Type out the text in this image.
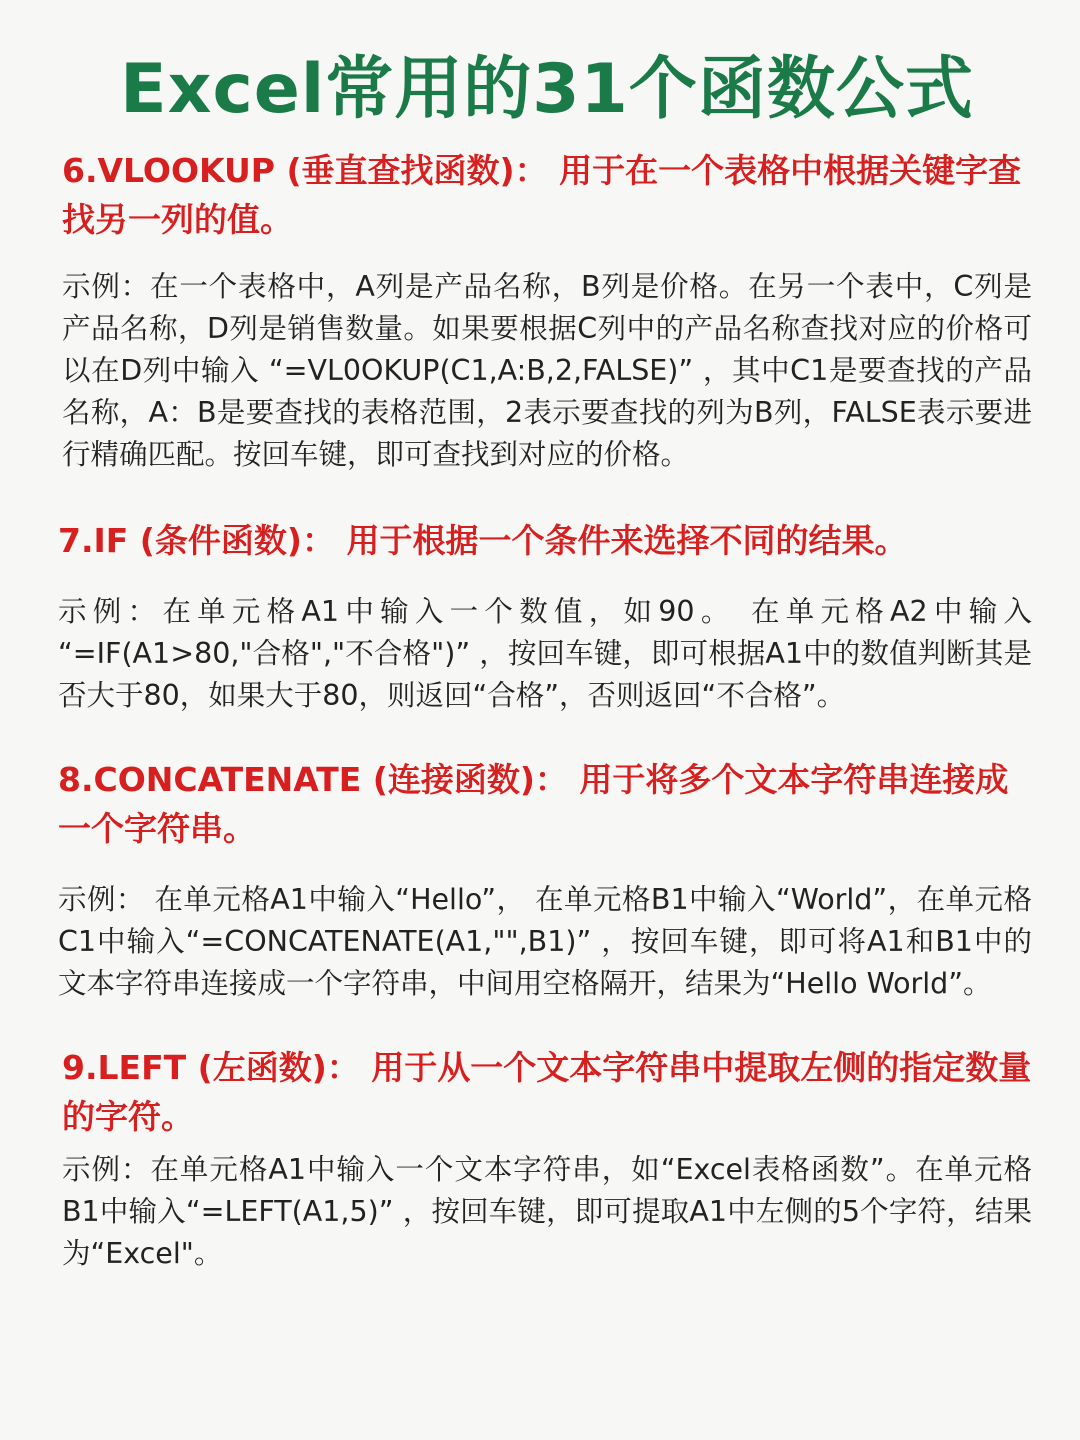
Excel常用的31个函数公式
6.VLOOKUP (垂直查找函数)： 用于在一个表格中根据关键字查找另一列的值。

示例：在一个表格中，A列是产品名称，B列是价格。在另一个表中，C列是产品名称，D列是销售数量。如果要根据C列中的产品名称查找对应的价格可以在D列中输入 “=VL0OKUP(C1,A:B,2,FALSE)” ，其中C1是要查找的产品名称，A：B是要查找的表格范围，2表示要查找的列为B列，FALSE表示要进行精确匹配。按回车键，即可查找到对应的价格。

7.IF (条件函数)： 用于根据一个条件来选择不同的结果。

示例：在单元格A1中输入一个数值，如90。 在单元格A2中输入 “=IF(A1>80,"合格","不合格")” ，按回车键，即可根据A1中的数值判断其是否大于80，如果大于80，则返回“合格”，否则返回“不合格”。

8.CONCATENATE (连接函数)： 用于将多个文本字符串连接成一个字符串。

示例： 在单元格A1中输入“Hello”， 在单元格B1中输入“World”，在单元格C1中输入“=CONCATENATE(A1,"",B1)” ，按回车键，即可将A1和B1中的文本字符串连接成一个字符串，中间用空格隔开，结果为“Hello World”。

9.LEFT (左函数)： 用于从一个文本字符串中提取左侧的指定数量的字符。

示例：在单元格A1中输入一个文本字符串，如“Excel表格函数”。在单元格B1中输入“=LEFT(A1,5)” ，按回车键，即可提取A1中左侧的5个字符，结果为“Excel"。
